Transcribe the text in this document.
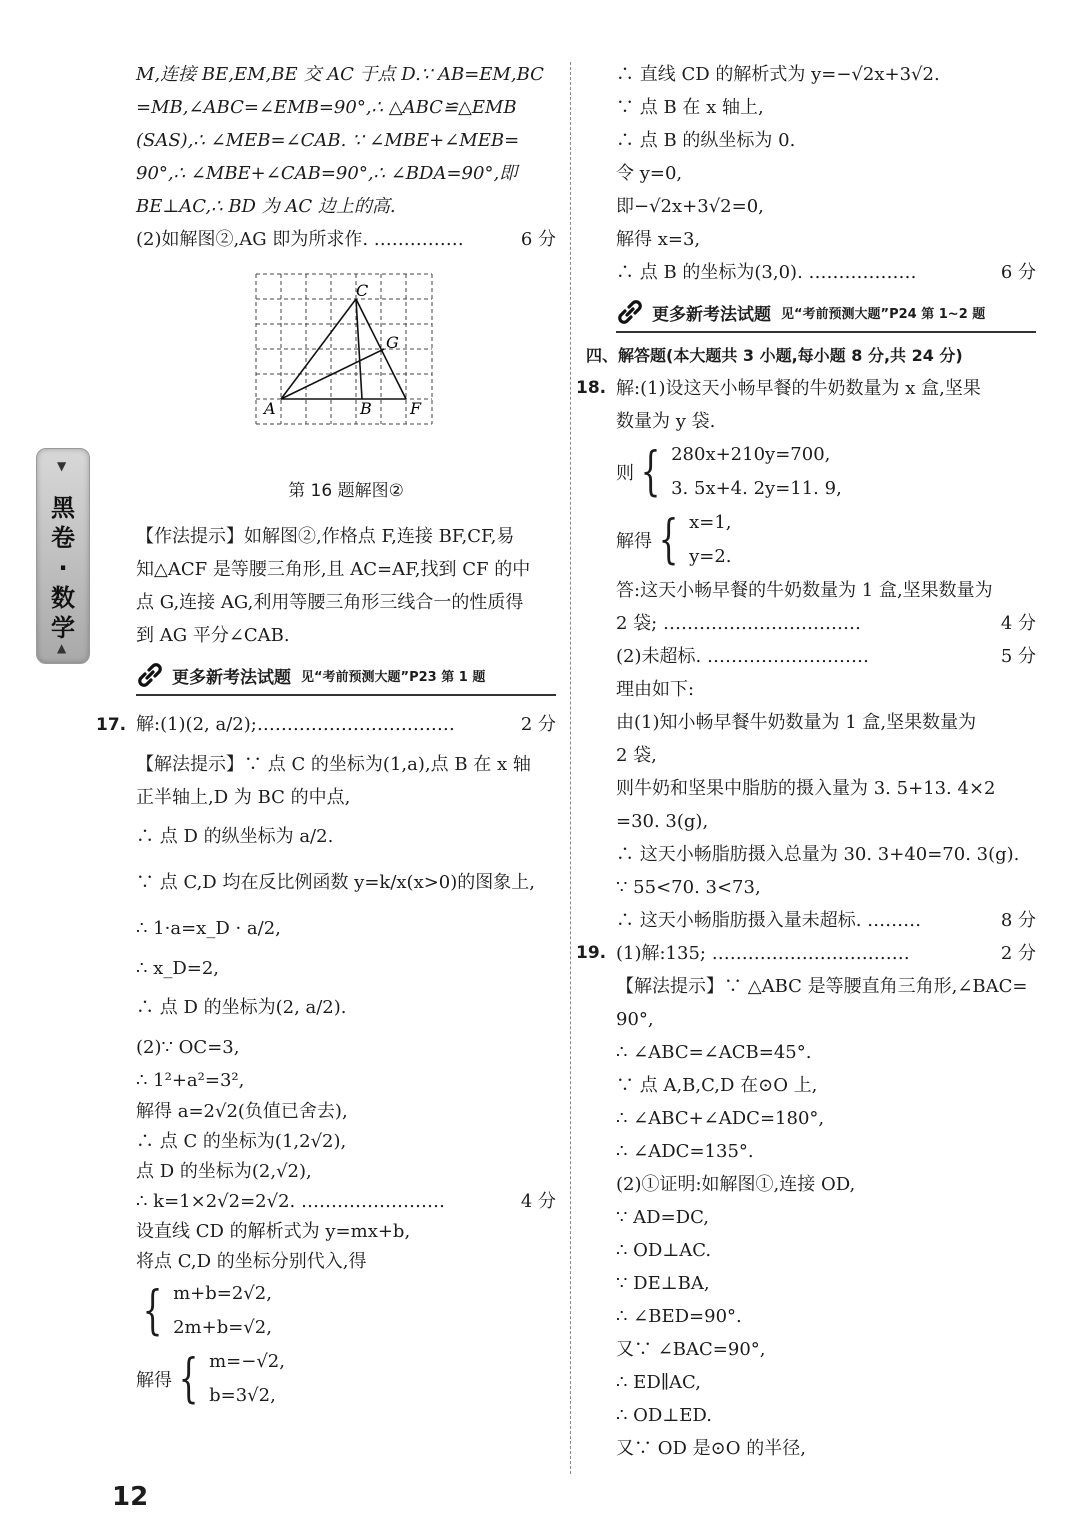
▼
黑
卷
·
数
学
▲
M,连接 BE,EM,BE 交 AC 于点 D.∵ AB=EM,BC
=MB,∠ABC=∠EMB=90°,∴ △ABC≌△EMB
(SAS),∴ ∠MEB=∠CAB. ∵ ∠MBE+∠MEB=
90°,∴ ∠MBE+∠CAB=90°,∴ ∠BDA=90°,即
BE⊥AC,∴ BD 为 AC 边上的高.
(2)如解图②,AG 即为所求作. ……………	6 分
A	B
C
F
G
第 16 题解图②
【作法提示】如解图②,作格点 F,连接 BF,CF,易
知△ACF 是等腰三角形,且 AC=AF,找到 CF 的中
点 G,连接 AG,利用等腰三角形三线合一的性质得
到 AG 平分∠CAB.
更多新考法试题 见“考前预测大题”P23 第 1 题
17. 解:(1)(2, a/2);……………………………	2 分
【解法提示】∵ 点 C 的坐标为(1,a),点 B 在 x 轴
正半轴上,D 为 BC 的中点,
∴ 点 D 的纵坐标为 a/2.
∵ 点 C,D 均在反比例函数 y=k/x(x>0)的图象上,
∴ 1·a=x_D · a/2,
∴ x_D=2,
∴ 点 D 的坐标为(2, a/2).
(2)∵ OC=3,
∴ 1²+a²=3²,
解得 a=2√2(负值已舍去),
∴ 点 C 的坐标为(1,2√2),
点 D 的坐标为(2,√2),
∴ k=1×2√2=2√2. ……………………	4 分
设直线 CD 的解析式为 y=mx+b,
将点 C,D 的坐标分别代入,得
{ m+b=2√2,
2m+b=√2,
解得 { m=−√2,
b=3√2,
∴ 直线 CD 的解析式为 y=−√2x+3√2.
∵ 点 B 在 x 轴上,
∴ 点 B 的纵坐标为 0.
令 y=0,
即−√2x+3√2=0,
解得 x=3,
∴ 点 B 的坐标为(3,0). ………………	6 分
更多新考法试题 见“考前预测大题”P24 第 1~2 题
四、解答题(本大题共 3 小题,每小题 8 分,共 24 分)
18. 解:(1)设这天小畅早餐的牛奶数量为 x 盒,坚果
数量为 y 袋.
则 { 280x+210y=700,
3. 5x+4. 2y=11. 9,
解得 { x=1,
y=2.
答:这天小畅早餐的牛奶数量为 1 盒,坚果数量为
2 袋; ……………………………	4 分
(2)未超标. ………………………	5 分
理由如下:
由(1)知小畅早餐牛奶数量为 1 盒,坚果数量为
2 袋,
则牛奶和坚果中脂肪的摄入量为 3. 5+13. 4×2
=30. 3(g),
∴ 这天小畅脂肪摄入总量为 30. 3+40=70. 3(g).
∵ 55<70. 3<73,
∴ 这天小畅脂肪摄入量未超标. ………	8 分
19. (1)解:135; ……………………………	2 分
【解法提示】∵ △ABC 是等腰直角三角形,∠BAC=
90°,
∴ ∠ABC=∠ACB=45°.
∵ 点 A,B,C,D 在⊙O 上,
∴ ∠ABC+∠ADC=180°,
∴ ∠ADC=135°.
(2)①证明:如解图①,连接 OD,
∵ AD=DC,
∴ OD⊥AC.
∵ DE⊥BA,
∴ ∠BED=90°.
又∵ ∠BAC=90°,
∴ ED∥AC,
∴ OD⊥ED.
又∵ OD 是⊙O 的半径,
12
